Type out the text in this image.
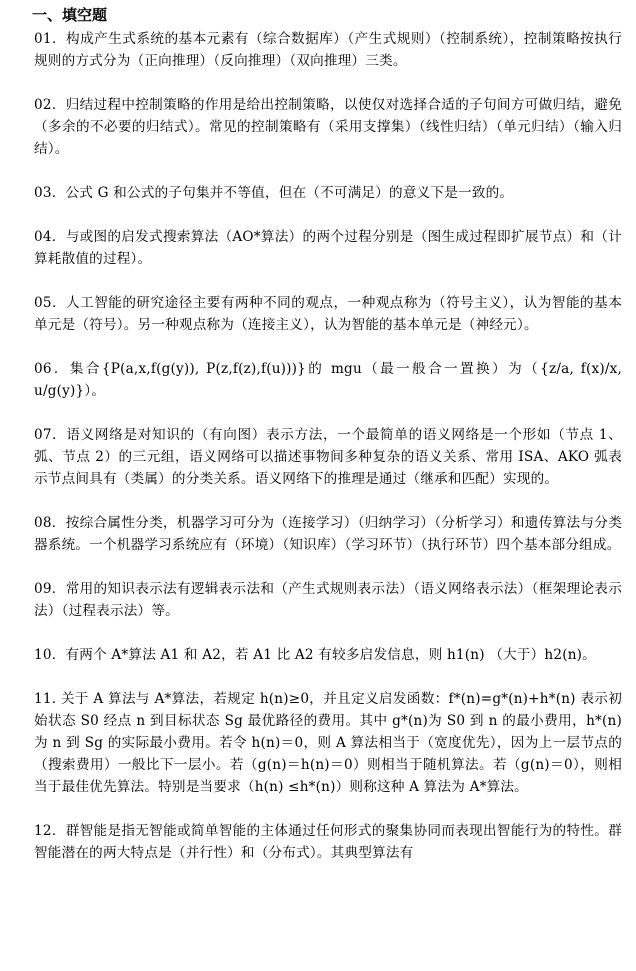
一、填空题

01．构成产生式系统的基本元素有（综合数据库）（产生式规则）（控制系统），控制策略按执行规则的方式分为（正向推理）（反向推理）（双向推理）三类。

02．归结过程中控制策略的作用是给出控制策略，以使仅对选择合适的子句间方可做归结，避免（多余的不必要的归结式）。常见的控制策略有（采用支撑集）（线性归结）（单元归结）（输入归结）。

03．公式 G 和公式的子句集并不等值，但在（不可满足）的意义下是一致的。

04．与或图的启发式搜索算法（AO*算法）的两个过程分别是（图生成过程即扩展节点）和（计算耗散值的过程）。

05．人工智能的研究途径主要有两种不同的观点，一种观点称为（符号主义），认为智能的基本单元是（符号）。另一种观点称为（连接主义），认为智能的基本单元是（神经元）。

06．集合{P(a,x,f(g(y)), P(z,f(z),f(u)))}的 mgu（最一般合一置换）为（{z/a, f(x)/x, u/g(y)}）。

07．语义网络是对知识的（有向图）表示方法，一个最简单的语义网络是一个形如（节点 1、弧、节点 2）的三元组，语义网络可以描述事物间多种复杂的语义关系、常用 ISA、AKO 弧表示节点间具有（类属）的分类关系。语义网络下的推理是通过（继承和匹配）实现的。

08．按综合属性分类，机器学习可分为（连接学习）（归纳学习）（分析学习）和遗传算法与分类器系统。一个机器学习系统应有（环境）（知识库）（学习环节）（执行环节）四个基本部分组成。

09．常用的知识表示法有逻辑表示法和（产生式规则表示法）（语义网络表示法）（框架理论表示法）（过程表示法）等。

10．有两个 A*算法 A1 和 A2，若 A1 比 A2 有较多启发信息，则 h1(n) （大于）h2(n)。

11. 关于 A 算法与 A*算法，若规定 h(n)≥0，并且定义启发函数：f*(n)=g*(n)+h*(n) 表示初始状态 S0 经点 n 到目标状态 Sg 最优路径的费用。其中 g*(n)为 S0 到 n 的最小费用，h*(n)为 n 到 Sg 的实际最小费用。若令 h(n)＝0，则 A 算法相当于（宽度优先），因为上一层节点的（搜索费用）一般比下一层小。若（g(n)＝h(n)＝0）则相当于随机算法。若（g(n)＝0），则相当于最佳优先算法。特别是当要求（h(n) ≤h*(n)）则称这种 A 算法为 A*算法。

12．群智能是指无智能或简单智能的主体通过任何形式的聚集协同而表现出智能行为的特性。群智能潜在的两大特点是（并行性）和（分布式）。其典型算法有
